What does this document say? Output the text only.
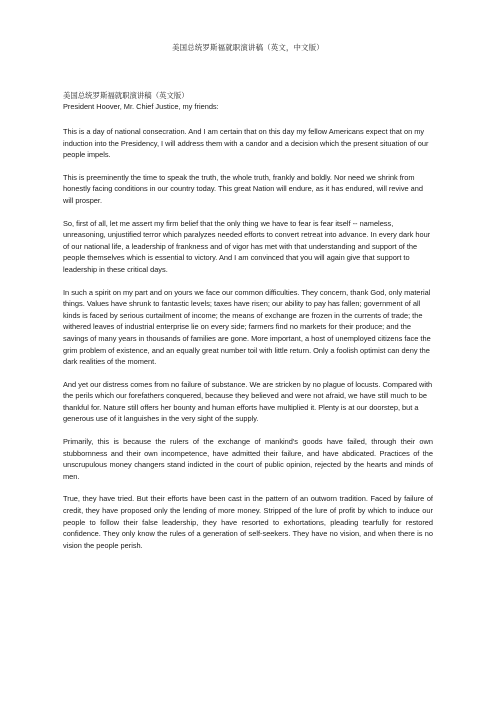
美国总统罗斯福就职演讲稿（英文，中文版）
美国总统罗斯福就职演讲稿（英文版）
President Hoover, Mr. Chief Justice, my friends:

This is a day of national consecration. And I am certain that on this day my fellow Americans expect that on my induction into the Presidency, I will address them with a candor and a decision which the present situation of our people impels.

This is preeminently the time to speak the truth, the whole truth, frankly and boldly. Nor need we shrink from honestly facing conditions in our country today. This great Nation will endure, as it has endured, will revive and will prosper.

So, first of all, let me assert my firm belief that the only thing we have to fear is fear itself -- nameless, unreasoning, unjustified terror which paralyzes needed efforts to convert retreat into advance. In every dark hour of our national life, a leadership of frankness and of vigor has met with that understanding and support of the people themselves which is essential to victory. And I am convinced that you will again give that support to leadership in these critical days.

In such a spirit on my part and on yours we face our common difficulties. They concern, thank God, only material things. Values have shrunk to fantastic levels; taxes have risen; our ability to pay has fallen; government of all kinds is faced by serious curtailment of income; the means of exchange are frozen in the currents of trade; the withered leaves of industrial enterprise lie on every side; farmers find no markets for their produce; and the savings of many years in thousands of families are gone. More important, a host of unemployed citizens face the grim problem of existence, and an equally great number toil with little return. Only a foolish optimist can deny the dark realities of the moment.

And yet our distress comes from no failure of substance. We are stricken by no plague of locusts. Compared with the perils which our forefathers conquered, because they believed and were not afraid, we have still much to be thankful for. Nature still offers her bounty and human efforts have multiplied it. Plenty is at our doorstep, but a generous use of it languishes in the very sight of the supply.

Primarily, this is because the rulers of the exchange of mankind's goods have failed, through their own stubbornness and their own incompetence, have admitted their failure, and have abdicated. Practices of the unscrupulous money changers stand indicted in the court of public opinion, rejected by the hearts and minds of men.

True, they have tried. But their efforts have been cast in the pattern of an outworn tradition. Faced by failure of credit, they have proposed only the lending of more money. Stripped of the lure of profit by which to induce our people to follow their false leadership, they have resorted to exhortations, pleading tearfully for restored confidence. They only know the rules of a generation of self-seekers. They have no vision, and when there is no vision the people perish.
